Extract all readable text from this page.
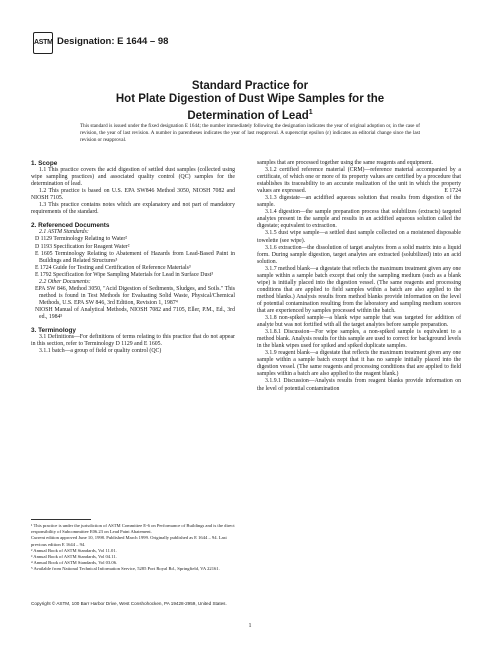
ASTM Designation: E 1644 – 98
Standard Practice for
Hot Plate Digestion of Dust Wipe Samples for the
Determination of Lead$^1$
This standard is issued under the fixed designation E 1644; the number immediately following the designation indicates the year of original adoption or, in the case of revision, the year of last revision. A number in parentheses indicates the year of last reapproval. A superscript epsilon (ε) indicates an editorial change since the last revision or reapproval.

1. Scope

1.1 This practice covers the acid digestion of settled dust samples (collected using wipe sampling practices) and associated quality control (QC) samples for the determination of lead.

1.2 This practice is based on U.S. EPA SW846 Method 3050, NIOSH 7082 and NIOSH 7105.

1.3 This practice contains notes which are explanatory and not part of mandatory requirements of the standard.

2. Referenced Documents

2.1 ASTM Standards:

D 1129 Terminology Relating to Water²

D 1193 Specification for Reagent Water²

E 1605 Terminology Relating to Abatement of Hazards from Lead-Based Paint in Buildings and Related Structures³

E 1724 Guide for Testing and Certification of Reference Materials³

E 1792 Specification for Wipe Sampling Materials for Lead in Surface Dust³

2.2 Other Documents:

EPA SW 846, Method 3050, "Acid Digestion of Sediments, Sludges, and Soils." This method is found in Test Methods for Evaluating Solid Waste, Physical/Chemical Methods, U.S. EPA SW 846, 3rd Edition, Revision 1, 1987⁴

NIOSH Manual of Analytical Methods, NIOSH 7082 and 7105, Eller, P.M., Ed., 3rd ed., 1984⁵

3. Terminology

3.1 Definitions—For definitions of terms relating to this practice that do not appear in this section, refer to Terminology D 1129 and E 1605.

3.1.1 batch—a group of field or quality control (QC)

¹ This practice is under the jurisdiction of ASTM Committee E-6 on Performance of Buildings and is the direct responsibility of Subcommittee E06.23 on Lead Paint Abatement.

Current edition approved June 10, 1998. Published March 1999. Originally published as E 1644 – 94. Last previous edition E 1644 – 94.

² Annual Book of ASTM Standards, Vol 11.01.

³ Annual Book of ASTM Standards, Vol 04.11.

⁴ Annual Book of ASTM Standards, Vol 03.06.

⁵ Available from National Technical Information Service, 5285 Port Royal Rd., Springfield, VA 22161.

samples that are processed together using the same reagents and equipment.

3.1.2 certified reference material (CRM)—reference material accompanied by a certificate, of which one or more of its property values are certified by a procedure that establishes its traceability to an accurate realization of the unit in which the property values are expressed.	E 1724

3.1.3 digestate—an acidified aqueous solution that results from digestion of the sample.

3.1.4 digestion—the sample preparation process that solubilizes (extracts) targeted analytes present in the sample and results in an acidified aqueous solution called the digestate; equivalent to extraction.

3.1.5 dust wipe sample—a settled dust sample collected on a moistened disposable towelette (see wipe).

3.1.6 extraction—the dissolution of target analytes from a solid matrix into a liquid form. During sample digestion, target analytes are extracted (solubilized) into an acid solution.

3.1.7 method blank—a digestate that reflects the maximum treatment given any one sample within a sample batch except that only the sampling medium (such as a blank wipe) is initially placed into the digestion vessel. (The same reagents and processing conditions that are applied to field samples within a batch are also applied to the method blanks.) Analysis results from method blanks provide information on the level of potential contamination resulting from the laboratory and sampling medium sources that are experienced by samples processed within the batch.

3.1.8 non-spiked sample—a blank wipe sample that was targeted for addition of analyte but was not fortified with all the target analytes before sample preparation.

3.1.8.1 Discussion—For wipe samples, a non-spiked sample is equivalent to a method blank. Analysis results for this sample are used to correct for background levels in the blank wipes used for spiked and spiked duplicate samples.

3.1.9 reagent blank—a digestate that reflects the maximum treatment given any one sample within a sample batch except that it has no sample initially placed into the digestion vessel. (The same reagents and processing conditions that are applied to field samples within a batch are also applied to the reagent blank.)

3.1.9.1 Discussion—Analysis results from reagent blanks provide information on the level of potential contamination

Copyright © ASTM, 100 Barr Harbor Drive, West Conshohocken, PA 19428-2959, United States.
1
